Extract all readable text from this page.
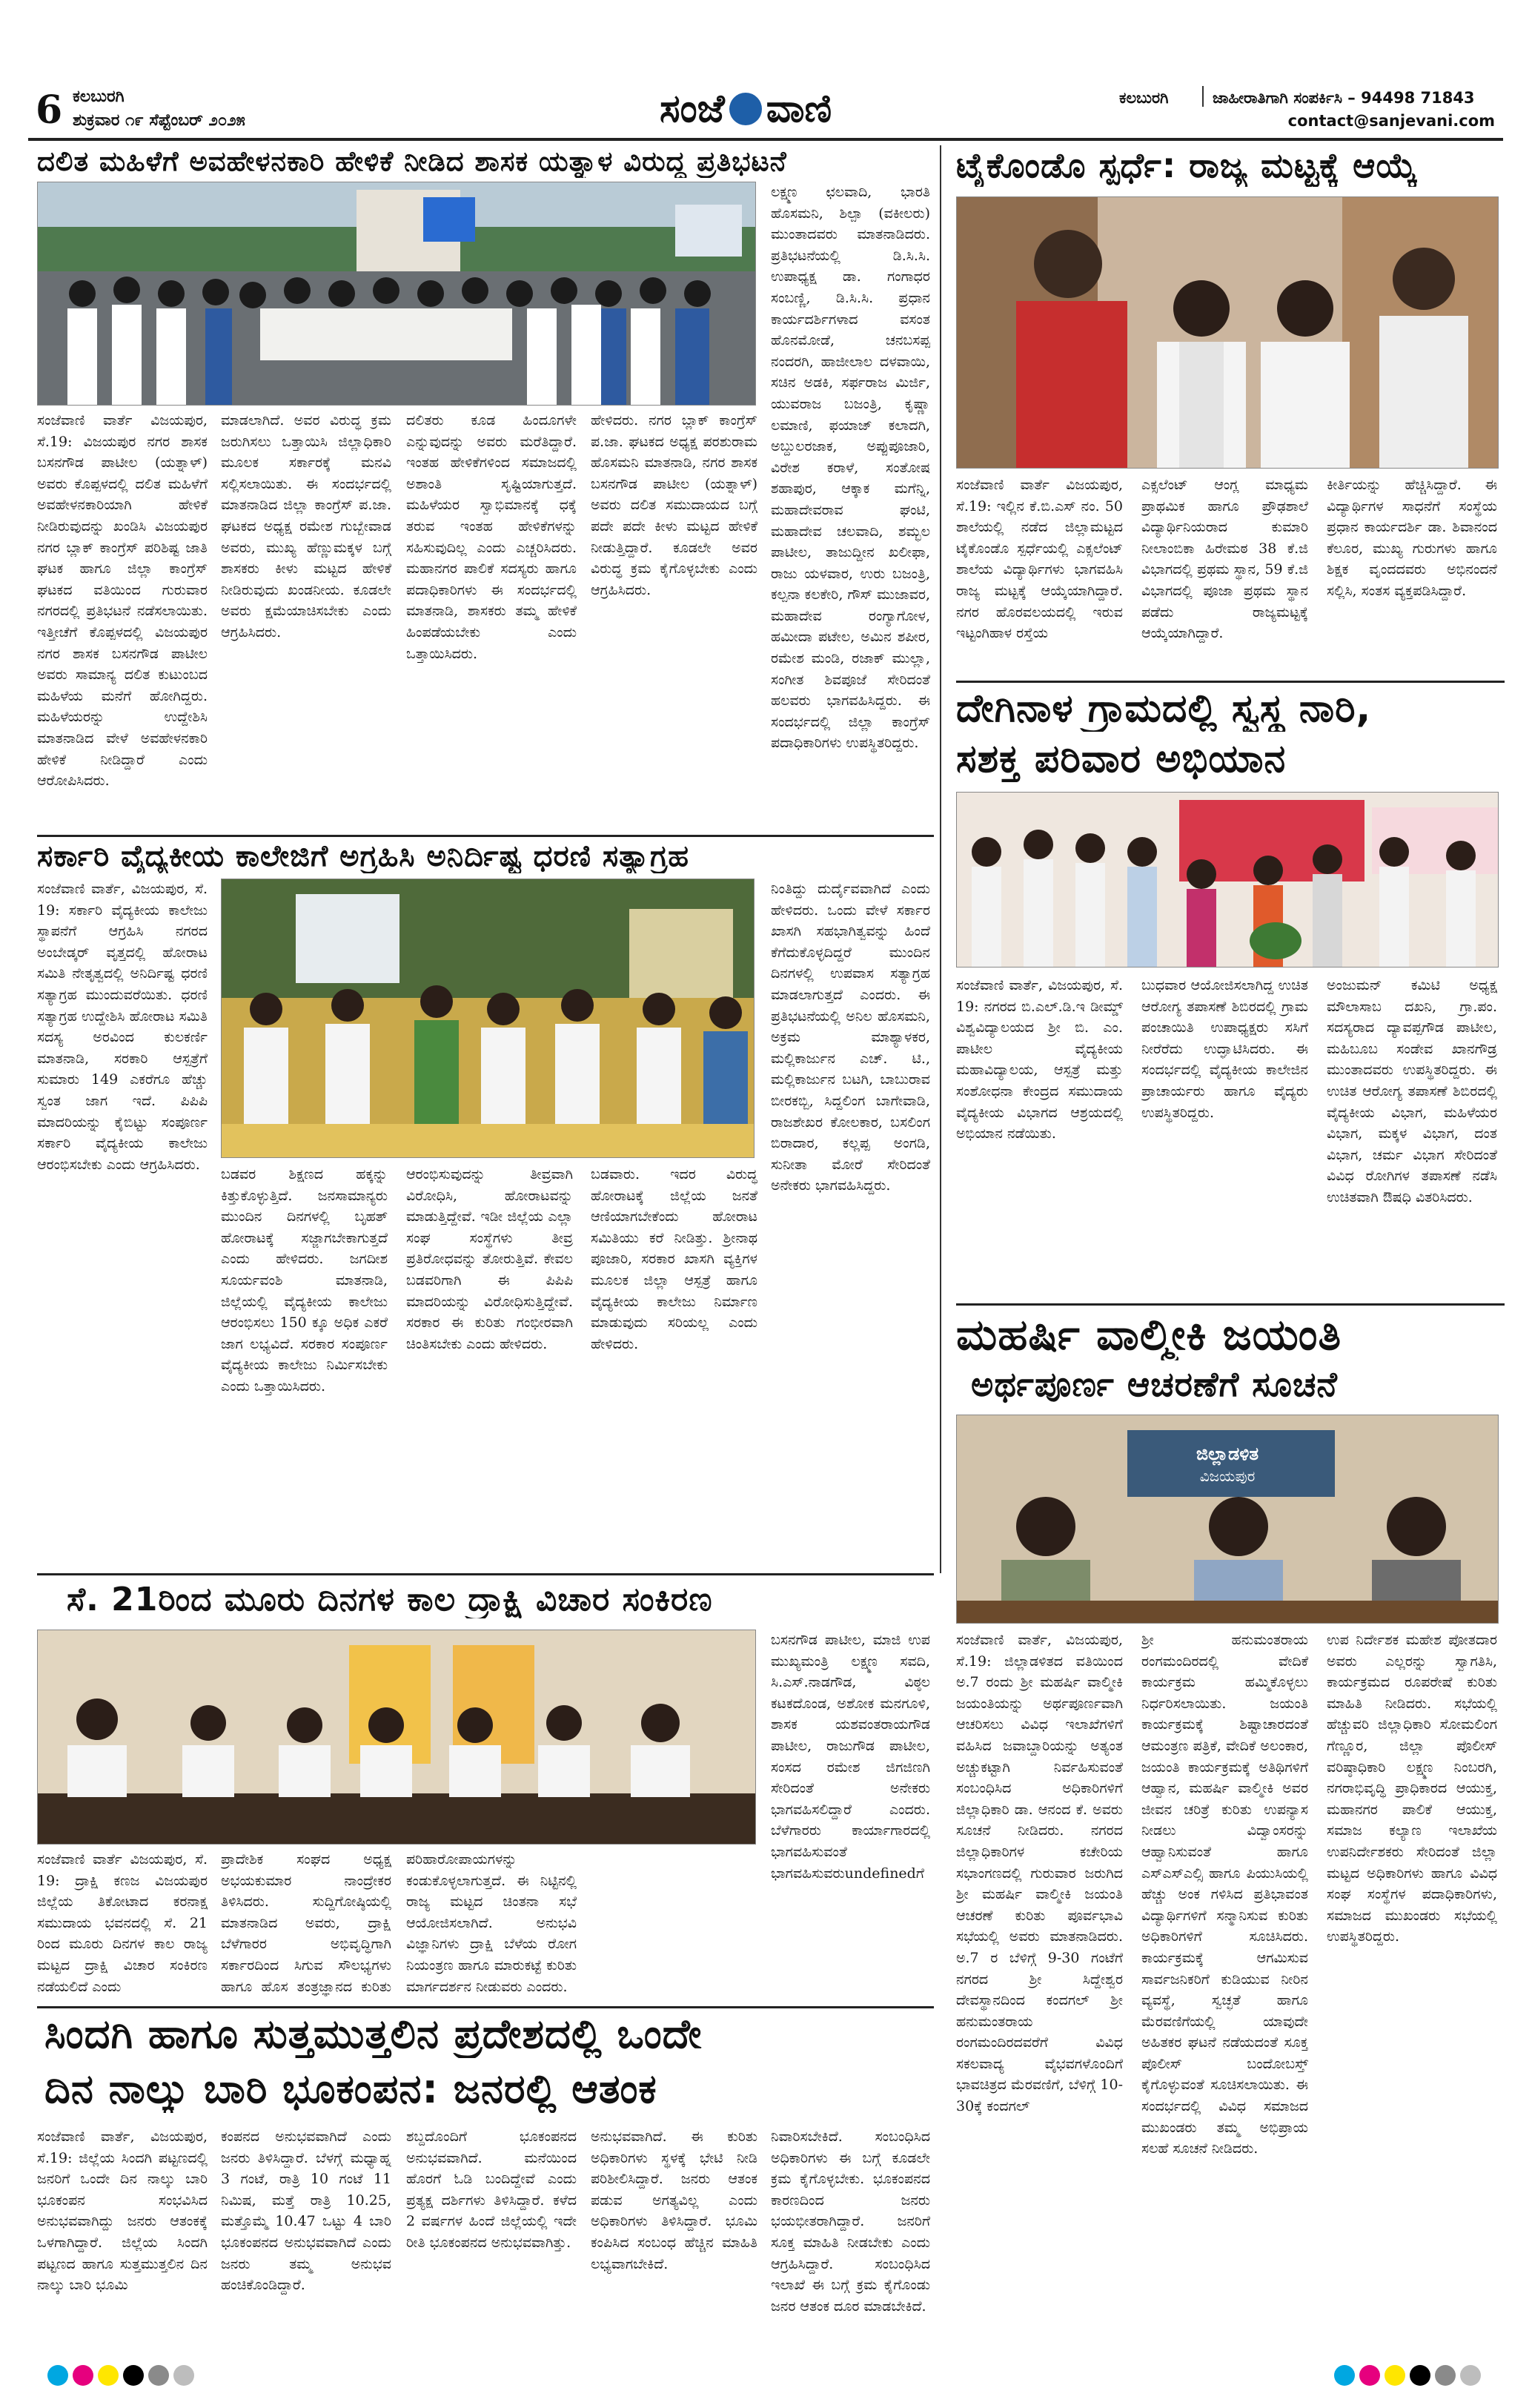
6 ಕಲಬುರಗಿ
ಶುಕ್ರವಾರ ೧೯ ಸೆಪ್ಟೆಂಬರ್ ೨೦೨೫	ಸಂಜೆ ವಾಣಿ	ಕಲಬುರಗಿ	ಜಾಹೀರಾತಿಗಾಗಿ ಸಂಪರ್ಕಿಸಿ – 94498 71843
contact@sanjevani.com
ದಲಿತ ಮಹಿಳೆಗೆ ಅವಹೇಳನಕಾರಿ ಹೇಳಿಕೆ ನೀಡಿದ ಶಾಸಕ ಯತ್ನಾಳ ವಿರುದ್ಧ ಪ್ರತಿಭಟನೆ
ಸಂಜೆವಾಣಿ ವಾರ್ತೆ ವಿಜಯಪುರ, ಸೆ.19: ವಿಜಯಪುರ ನಗರ ಶಾಸಕ ಬಸನಗೌಡ ಪಾಟೀಲ (ಯತ್ನಾಳ್) ಅವರು ಕೊಪ್ಪಳದಲ್ಲಿ ದಲಿತ ಮಹಿಳೆಗೆ ಅವಹೇಳನಕಾರಿಯಾಗಿ ಹೇಳಿಕೆ ನೀಡಿರುವುದನ್ನು ಖಂಡಿಸಿ ವಿಜಯಪುರ ನಗರ ಬ್ಲಾಕ್ ಕಾಂಗ್ರೆಸ್ ಪರಿಶಿಷ್ಟ ಜಾತಿ ಘಟಕ ಹಾಗೂ ಜಿಲ್ಲಾ ಕಾಂಗ್ರೆಸ್ ಘಟಕದ ವತಿಯಿಂದ ಗುರುವಾರ ನಗರದಲ್ಲಿ ಪ್ರತಿಭಟನೆ ನಡೆಸಲಾಯಿತು. ಇತ್ತೀಚೆಗೆ ಕೊಪ್ಪಳದಲ್ಲಿ ವಿಜಯಪುರ ನಗರ ಶಾಸಕ ಬಸನಗೌಡ ಪಾಟೀಲ ಅವರು ಸಾಮಾನ್ಯ ದಲಿತ ಕುಟುಂಬದ ಮಹಿಳೆಯ ಮನೆಗೆ ಹೋಗಿದ್ದರು. ಮಹಿಳೆಯರನ್ನು ಉದ್ದೇಶಿಸಿ ಮಾತನಾಡಿದ ವೇಳೆ ಅವಹೇಳನಕಾರಿ ಹೇಳಿಕೆ ನೀಡಿದ್ದಾರೆ ಎಂದು ಆರೋಪಿಸಿದರು.
ಮಾಡಲಾಗಿದೆ. ಅವರ ವಿರುದ್ಧ ಕ್ರಮ ಜರುಗಿಸಲು ಒತ್ತಾಯಿಸಿ ಜಿಲ್ಲಾಧಿಕಾರಿ ಮೂಲಕ ಸರ್ಕಾರಕ್ಕೆ ಮನವಿ ಸಲ್ಲಿಸಲಾಯಿತು. ಈ ಸಂದರ್ಭದಲ್ಲಿ ಮಾತನಾಡಿದ ಜಿಲ್ಲಾ ಕಾಂಗ್ರೆಸ್ ಪ.ಜಾ. ಘಟಕದ ಅಧ್ಯಕ್ಷ ರಮೇಶ ಗುಬ್ಬೇವಾಡ ಅವರು, ಮುಖ್ಯ ಹೆಣ್ಣುಮಕ್ಕಳ ಬಗ್ಗೆ ಶಾಸಕರು ಕೀಳು ಮಟ್ಟದ ಹೇಳಿಕೆ ನೀಡಿರುವುದು ಖಂಡನೀಯ. ಕೂಡಲೇ ಅವರು ಕ್ಷಮೆಯಾಚಿಸಬೇಕು ಎಂದು ಆಗ್ರಹಿಸಿದರು.
ದಲಿತರು ಕೂಡ ಹಿಂದೂಗಳೇ ಎನ್ನುವುದನ್ನು ಅವರು ಮರೆತಿದ್ದಾರೆ. ಇಂತಹ ಹೇಳಿಕೆಗಳಿಂದ ಸಮಾಜದಲ್ಲಿ ಅಶಾಂತಿ ಸೃಷ್ಟಿಯಾಗುತ್ತದೆ. ಮಹಿಳೆಯರ ಸ್ವಾಭಿಮಾನಕ್ಕೆ ಧಕ್ಕೆ ತರುವ ಇಂತಹ ಹೇಳಿಕೆಗಳನ್ನು ಸಹಿಸುವುದಿಲ್ಲ ಎಂದು ಎಚ್ಚರಿಸಿದರು. ಮಹಾನಗರ ಪಾಲಿಕೆ ಸದಸ್ಯರು ಹಾಗೂ ಪದಾಧಿಕಾರಿಗಳು ಈ ಸಂದರ್ಭದಲ್ಲಿ ಮಾತನಾಡಿ, ಶಾಸಕರು ತಮ್ಮ ಹೇಳಿಕೆ ಹಿಂಪಡೆಯಬೇಕು ಎಂದು ಒತ್ತಾಯಿಸಿದರು.
ಹೇಳಿದರು. ನಗರ ಬ್ಲಾಕ್ ಕಾಂಗ್ರೆಸ್ ಪ.ಜಾ. ಘಟಕದ ಅಧ್ಯಕ್ಷ ಪರಶುರಾಮ ಹೊಸಮನಿ ಮಾತನಾಡಿ, ನಗರ ಶಾಸಕ ಬಸನಗೌಡ ಪಾಟೀಲ (ಯತ್ನಾಳ್) ಅವರು ದಲಿತ ಸಮುದಾಯದ ಬಗ್ಗೆ ಪದೇ ಪದೇ ಕೀಳು ಮಟ್ಟದ ಹೇಳಿಕೆ ನೀಡುತ್ತಿದ್ದಾರೆ. ಕೂಡಲೇ ಅವರ ವಿರುದ್ಧ ಕ್ರಮ ಕೈಗೊಳ್ಳಬೇಕು ಎಂದು ಆಗ್ರಹಿಸಿದರು.
ಲಕ್ಷ್ಮಣ ಛಲವಾದಿ, ಭಾರತಿ ಹೊಸಮನಿ, ಶಿಲ್ಪಾ (ವಕೀಲರು) ಮುಂತಾದವರು ಮಾತನಾಡಿದರು. ಪ್ರತಿಭಟನೆಯಲ್ಲಿ ಡಿ.ಸಿ.ಸಿ. ಉಪಾಧ್ಯಕ್ಷ ಡಾ. ಗಂಗಾಧರ ಸಂಬಣ್ಣಿ, ಡಿ.ಸಿ.ಸಿ. ಪ್ರಧಾನ ಕಾರ್ಯದರ್ಶಿಗಳಾದ ವಸಂತ ಹೊನಮೋಡೆ, ಚನಬಸಪ್ಪ ನಂದರಗಿ, ಹಾಜೀಲಾಲ ದಳವಾಯಿ, ಸಚಿನ ಅಡಕಿ, ಸರ್ಫರಾಜ ಮಿರ್ಜಿ, ಯುವರಾಜ ಬಜಂತ್ರಿ, ಕೃಷ್ಣಾ ಲಮಾಣಿ, ಫಯಾಜ್ ಕಲಾದಗಿ, ಅಬ್ದುಲರಜಾಕ, ಅಪ್ಪುಪೂಜಾರಿ, ವಿರೇಶ ಕರಾಳೆ, ಸಂತೋಷ ಶಹಾಪುರ, ಆಕ್ಕಾಕ ಮಗೆನ್ನಿ, ಮಹಾದೇವರಾವ ಘಂಟಿ, ಮಹಾದೇವ ಚಲವಾದಿ, ಶಮ್ಭಲ ಪಾಟೀಲ, ತಾಜುದ್ದೀನ ಖಲೀಫಾ, ರಾಜು ಯಳವಾರ, ಉರು ಬಜಂತ್ರಿ, ಕಲ್ಪನಾ ಕಲಕೇರಿ, ಗೌಸ್ ಮುಜಾವರ, ಮಹಾದೇವ ರಂಗ್ಯಾಗೋಳ, ಹಮೀದಾ ಪಟೇಲ, ಅಮಿನ ಶಪೀರ, ರಮೇಶ ಮಂಡಿ, ರಜಾಕ್ ಮುಲ್ಲಾ, ಸಂಗೀತ ಶಿವಪೂಜೆ ಸೇರಿದಂತೆ ಹಲವರು ಭಾಗವಹಿಸಿದ್ದರು. ಈ ಸಂದರ್ಭದಲ್ಲಿ ಜಿಲ್ಲಾ ಕಾಂಗ್ರೆಸ್ ಪದಾಧಿಕಾರಿಗಳು ಉಪಸ್ಥಿತರಿದ್ದರು.
ಟೈಕೊಂಡೊ ಸ್ಪರ್ಧೆ: ರಾಜ್ಯ ಮಟ್ಟಕ್ಕೆ ಆಯ್ಕೆ
ಸಂಜೆವಾಣಿ ವಾರ್ತೆ ವಿಜಯಪುರ, ಸೆ.19: ಇಲ್ಲಿನ ಕೆ.ಬಿ.ಎಸ್ ನಂ. 50 ಶಾಲೆಯಲ್ಲಿ ನಡೆದ ಜಿಲ್ಲಾಮಟ್ಟದ ಟೈಕೊಂಡೊ ಸ್ಪರ್ಧೆಯಲ್ಲಿ ಎಕ್ಸಲೆಂಟ್ ಶಾಲೆಯ ವಿದ್ಯಾರ್ಥಿಗಳು ಭಾಗವಹಿಸಿ ರಾಜ್ಯ ಮಟ್ಟಕ್ಕೆ ಆಯ್ಕೆಯಾಗಿದ್ದಾರೆ. ನಗರ ಹೊರವಲಯದಲ್ಲಿ ಇರುವ ಇಟ್ಟಂಗಿಹಾಳ ರಸ್ತೆಯ
ಎಕ್ಸಲೆಂಟ್ ಆಂಗ್ಲ ಮಾಧ್ಯಮ ಪ್ರಾಥಮಿಕ ಹಾಗೂ ಪ್ರೌಢಶಾಲೆ ವಿದ್ಯಾರ್ಥಿನಿಯರಾದ ಕುಮಾರಿ ನೀಲಾಂಬಿಕಾ ಹಿರೇಮಠ 38 ಕೆ.ಜಿ ವಿಭಾಗದಲ್ಲಿ ಪ್ರಥಮ ಸ್ಥಾನ, 59 ಕೆ.ಜಿ ವಿಭಾಗದಲ್ಲಿ ಪೂಜಾ ಪ್ರಥಮ ಸ್ಥಾನ ಪಡೆದು ರಾಜ್ಯಮಟ್ಟಕ್ಕೆ ಆಯ್ಕೆಯಾಗಿದ್ದಾರೆ.
ಕೀರ್ತಿಯನ್ನು ಹೆಚ್ಚಿಸಿದ್ದಾರೆ. ಈ ವಿದ್ಯಾರ್ಥಿಗಳ ಸಾಧನೆಗೆ ಸಂಸ್ಥೆಯ ಪ್ರಧಾನ ಕಾರ್ಯದರ್ಶಿ ಡಾ. ಶಿವಾನಂದ ಕೆಲೂರ, ಮುಖ್ಯ ಗುರುಗಳು ಹಾಗೂ ಶಿಕ್ಷಕ ವೃಂದದವರು ಅಭಿನಂದನೆ ಸಲ್ಲಿಸಿ, ಸಂತಸ ವ್ಯಕ್ತಪಡಿಸಿದ್ದಾರೆ.
ದೇಗಿನಾಳ ಗ್ರಾಮದಲ್ಲಿ ಸ್ವಸ್ಥ ನಾರಿ,
ಸಶಕ್ತ ಪರಿವಾರ ಅಭಿಯಾನ
ಸಂಜೆವಾಣಿ ವಾರ್ತೆ, ವಿಜಯಪುರ, ಸೆ. 19: ನಗರದ ಬಿ.ಎಲ್.ಡಿ.ಇ ಡೀಮ್ಡ್ ವಿಶ್ವವಿದ್ಯಾಲಯದ ಶ್ರೀ ಬಿ. ಎಂ. ಪಾಟೀಲ ವೈದ್ಯಕೀಯ ಮಹಾವಿದ್ಯಾಲಯ, ಆಸ್ಪತ್ರೆ ಮತ್ತು ಸಂಶೋಧನಾ ಕೇಂದ್ರದ ಸಮುದಾಯ ವೈದ್ಯಕೀಯ ವಿಭಾಗದ ಆಶ್ರಯದಲ್ಲಿ ಅಭಿಯಾನ ನಡೆಯಿತು.
ಬುಧವಾರ ಆಯೋಜಿಸಲಾಗಿದ್ದ ಉಚಿತ ಆರೋಗ್ಯ ತಪಾಸಣೆ ಶಿಬಿರದಲ್ಲಿ ಗ್ರಾಮ ಪಂಚಾಯಿತಿ ಉಪಾಧ್ಯಕ್ಷರು ಸಸಿಗೆ ನೀರೆರೆದು ಉದ್ಘಾಟಿಸಿದರು. ಈ ಸಂದರ್ಭದಲ್ಲಿ ವೈದ್ಯಕೀಯ ಕಾಲೇಜಿನ ಪ್ರಾಚಾರ್ಯರು ಹಾಗೂ ವೈದ್ಯರು ಉಪಸ್ಥಿತರಿದ್ದರು.
ಅಂಜುಮನ್ ಕಮಿಟಿ ಅಧ್ಯಕ್ಷ ಮೌಲಾಸಾಬ ದಖನಿ, ಗ್ರಾ.ಪಂ. ಸದಸ್ಯರಾದ ದ್ಯಾವಪ್ಪಗೌಡ ಪಾಟೀಲ, ಮಹಿಬೂಬ ಸಂಡೇವ ಖಾನಗೌಡ್ರ ಮುಂತಾದವರು ಉಪಸ್ಥಿತರಿದ್ದರು. ಈ ಉಚಿತ ಆರೋಗ್ಯ ತಪಾಸಣೆ ಶಿಬಿರದಲ್ಲಿ ವೈದ್ಯಕೀಯ ವಿಭಾಗ, ಮಹಿಳೆಯರ ವಿಭಾಗ, ಮಕ್ಕಳ ವಿಭಾಗ, ದಂತ ವಿಭಾಗ, ಚರ್ಮ ವಿಭಾಗ ಸೇರಿದಂತೆ ವಿವಿಧ ರೋಗಿಗಳ ತಪಾಸಣೆ ನಡೆಸಿ ಉಚಿತವಾಗಿ ಔಷಧಿ ವಿತರಿಸಿದರು.
ಸರ್ಕಾರಿ ವೈದ್ಯಕೀಯ ಕಾಲೇಜಿಗೆ ಅಗ್ರಹಿಸಿ ಅನಿರ್ದಿಷ್ಟ ಧರಣಿ ಸತ್ಯಾಗ್ರಹ
ಸಂಜೆವಾಣಿ ವಾರ್ತೆ, ವಿಜಯಪುರ, ಸೆ. 19: ಸರ್ಕಾರಿ ವೈದ್ಯಕೀಯ ಕಾಲೇಜು ಸ್ಥಾಪನೆಗೆ ಆಗ್ರಹಿಸಿ ನಗರದ ಅಂಬೇಡ್ಕರ್ ವೃತ್ತದಲ್ಲಿ ಹೋರಾಟ ಸಮಿತಿ ನೇತೃತ್ವದಲ್ಲಿ ಅನಿರ್ದಿಷ್ಟ ಧರಣಿ ಸತ್ಯಾಗ್ರಹ ಮುಂದುವರೆಯಿತು. ಧರಣಿ ಸತ್ಯಾಗ್ರಹ ಉದ್ದೇಶಿಸಿ ಹೋರಾಟ ಸಮಿತಿ ಸದಸ್ಯ ಅರವಿಂದ ಕುಲಕರ್ಣಿ ಮಾತನಾಡಿ, ಸರಕಾರಿ ಆಸ್ಪತ್ರೆಗೆ ಸುಮಾರು 149 ಎಕರೆಗೂ ಹೆಚ್ಚು ಸ್ವಂತ ಜಾಗ ಇದೆ. ಪಿಪಿಪಿ ಮಾದರಿಯನ್ನು ಕೈಬಿಟ್ಟು ಸಂಪೂರ್ಣ ಸರ್ಕಾರಿ ವೈದ್ಯಕೀಯ ಕಾಲೇಜು ಆರಂಭಿಸಬೇಕು ಎಂದು ಆಗ್ರಹಿಸಿದರು.
ಬಡವರ ಶಿಕ್ಷಣದ ಹಕ್ಕನ್ನು ಕಿತ್ತುಕೊಳ್ಳುತ್ತಿದೆ. ಜನಸಾಮಾನ್ಯರು ಮುಂದಿನ ದಿನಗಳಲ್ಲಿ ಬೃಹತ್ ಹೋರಾಟಕ್ಕೆ ಸಜ್ಜಾಗಬೇಕಾಗುತ್ತದೆ ಎಂದು ಹೇಳಿದರು. ಜಗದೀಶ ಸೂರ್ಯವಂಶಿ ಮಾತನಾಡಿ, ಜಿಲ್ಲೆಯಲ್ಲಿ ವೈದ್ಯಕೀಯ ಕಾಲೇಜು ಆರಂಭಿಸಲು 150 ಕ್ಕೂ ಅಧಿಕ ಎಕರೆ ಜಾಗ ಲಭ್ಯವಿದೆ. ಸರಕಾರ ಸಂಪೂರ್ಣ ವೈದ್ಯಕೀಯ ಕಾಲೇಜು ನಿರ್ಮಿಸಬೇಕು ಎಂದು ಒತ್ತಾಯಿಸಿದರು.
ಆರಂಭಿಸುವುದನ್ನು ತೀವ್ರವಾಗಿ ವಿರೋಧಿಸಿ, ಹೋರಾಟವನ್ನು ಮಾಡುತ್ತಿದ್ದೇವೆ. ಇಡೀ ಜಿಲ್ಲೆಯ ಎಲ್ಲಾ ಸಂಘ ಸಂಸ್ಥೆಗಳು ತೀವ್ರ ಪ್ರತಿರೋಧವನ್ನು ತೋರುತ್ತಿವೆ. ಕೇವಲ ಬಡವರಿಗಾಗಿ ಈ ಪಿಪಿಪಿ ಮಾದರಿಯನ್ನು ವಿರೋಧಿಸುತ್ತಿದ್ದೇವೆ. ಸರಕಾರ ಈ ಕುರಿತು ಗಂಭೀರವಾಗಿ ಚಿಂತಿಸಬೇಕು ಎಂದು ಹೇಳಿದರು.
ಬಡವಾರು. ಇದರ ವಿರುದ್ಧ ಹೋರಾಟಕ್ಕೆ ಜಿಲ್ಲೆಯ ಜನತೆ ಆಣಿಯಾಗಬೇಕೆಂದು ಹೋರಾಟ ಸಮಿತಿಯು ಕರೆ ನೀಡಿತ್ತು. ಶ್ರೀನಾಥ ಪೂಜಾರಿ, ಸರಕಾರ ಖಾಸಗಿ ವ್ಯಕ್ತಿಗಳ ಮೂಲಕ ಜಿಲ್ಲಾ ಆಸ್ಪತ್ರೆ ಹಾಗೂ ವೈದ್ಯಕೀಯ ಕಾಲೇಜು ನಿರ್ಮಾಣ ಮಾಡುವುದು ಸರಿಯಲ್ಲ ಎಂದು ಹೇಳಿದರು.
ನಿಂತಿದ್ದು ದುರ್ದೈವವಾಗಿದೆ ಎಂದು ಹೇಳಿದರು. ಒಂದು ವೇಳೆ ಸರ್ಕಾರ ಖಾಸಗಿ ಸಹಭಾಗಿತ್ವವನ್ನು ಹಿಂದೆ ಕೆಗೆದುಕೊಳ್ಳದಿದ್ದರೆ ಮುಂದಿನ ದಿನಗಳಲ್ಲಿ ಉಪವಾಸ ಸತ್ಯಾಗ್ರಹ ಮಾಡಲಾಗುತ್ತದೆ ಎಂದರು. ಈ ಪ್ರತಿಭಟನೆಯಲ್ಲಿ ಅನಿಲ ಹೊಸಮನಿ, ಅಕ್ರಮ ಮಾಶ್ಯಾಳಕರ, ಮಲ್ಲಿಕಾರ್ಜುನ ಎಚ್. ಟಿ., ಮಲ್ಲಿಕಾರ್ಜುನ ಬಟಗಿ, ಬಾಬುರಾವ ಬೀರಕಬ್ಬಿ, ಸಿದ್ದಲಿಂಗ ಬಾಗೇವಾಡಿ, ರಾಜಶೇಖರ ಕೋಲಕಾರ, ಬಸಲಿಂಗ ಬಿರಾದಾರ, ಕಲ್ಲಪ್ಪ ಅಂಗಡಿ, ಸುನೀತಾ ಮೋರೆ ಸೇರಿದಂತೆ ಅನೇಕರು ಭಾಗವಹಿಸಿದ್ದರು.
ಮಹರ್ಷಿ ವಾಲ್ಮೀಕಿ ಜಯಂತಿ
ಅರ್ಥಪೂರ್ಣ ಆಚರಣೆಗೆ ಸೂಚನೆ
ಜಿಲ್ಲಾಡಳಿತ
ವಿಜಯಪುರ
ಸಂಜೆವಾಣಿ ವಾರ್ತೆ, ವಿಜಯಪುರ, ಸೆ.19: ಜಿಲ್ಲಾಡಳಿತದ ವತಿಯಿಂದ ಅ.7 ರಂದು ಶ್ರೀ ಮಹರ್ಷಿ ವಾಲ್ಮೀಕಿ ಜಯಂತಿಯನ್ನು ಅರ್ಥಪೂರ್ಣವಾಗಿ ಆಚರಿಸಲು ವಿವಿಧ ಇಲಾಖೆಗಳಿಗೆ ವಹಿಸಿದ ಜವಾಬ್ದಾರಿಯನ್ನು ಅತ್ಯಂತ ಅಚ್ಚುಕಟ್ಟಾಗಿ ನಿರ್ವಹಿಸುವಂತೆ ಸಂಬಂಧಿಸಿದ ಅಧಿಕಾರಿಗಳಿಗೆ ಜಿಲ್ಲಾಧಿಕಾರಿ ಡಾ. ಆನಂದ ಕೆ. ಅವರು ಸೂಚನೆ ನೀಡಿದರು. ನಗರದ ಜಿಲ್ಲಾಧಿಕಾರಿಗಳ ಕಚೇರಿಯ ಸಭಾಂಗಣದಲ್ಲಿ ಗುರುವಾರ ಜರುಗಿದ ಶ್ರೀ ಮಹರ್ಷಿ ವಾಲ್ಮೀಕಿ ಜಯಂತಿ ಆಚರಣೆ ಕುರಿತು ಪೂರ್ವಭಾವಿ ಸಭೆಯಲ್ಲಿ ಅವರು ಮಾತನಾಡಿದರು. ಅ.7 ರ ಬೆಳಿಗ್ಗೆ 9-30 ಗಂಟೆಗೆ ನಗರದ ಶ್ರೀ ಸಿದ್ದೇಶ್ವರ ದೇವಸ್ಥಾನದಿಂದ ಕಂದಗಲ್ ಶ್ರೀ ಹನುಮಂತರಾಯ ರಂಗಮಂದಿರದವರೆಗೆ ವಿವಿಧ ಸಕಲವಾದ್ಯ ವೈಭವಗಳೊಂದಿಗೆ ಭಾವಚಿತ್ರದ ಮೆರವಣಿಗೆ, ಬೆಳಿಗ್ಗೆ 10-30ಕ್ಕೆ ಕಂದಗಲ್
ಶ್ರೀ ಹನುಮಂತರಾಯ ರಂಗಮಂದಿರದಲ್ಲಿ ವೇದಿಕೆ ಕಾರ್ಯಕ್ರಮ ಹಮ್ಮಿಕೊಳ್ಳಲು ನಿರ್ಧರಿಸಲಾಯಿತು. ಜಯಂತಿ ಕಾರ್ಯಕ್ರಮಕ್ಕೆ ಶಿಷ್ಟಾಚಾರದಂತೆ ಆಮಂತ್ರಣ ಪತ್ರಿಕೆ, ವೇದಿಕೆ ಅಲಂಕಾರ, ಜಯಂತಿ ಕಾರ್ಯಕ್ರಮಕ್ಕೆ ಅತಿಥಿಗಳಿಗೆ ಆಹ್ವಾನ, ಮಹರ್ಷಿ ವಾಲ್ಮೀಕಿ ಅವರ ಜೀವನ ಚರಿತ್ರೆ ಕುರಿತು ಉಪನ್ಯಾಸ ನೀಡಲು ವಿದ್ವಾಂಸರನ್ನು ಆಹ್ವಾನಿಸುವಂತೆ ಹಾಗೂ ಎಸ್ಎಸ್ಎಲ್ಸಿ ಹಾಗೂ ಪಿಯುಸಿಯಲ್ಲಿ ಹೆಚ್ಚು ಅಂಕ ಗಳಿಸಿದ ಪ್ರತಿಭಾವಂತ ವಿದ್ಯಾರ್ಥಿಗಳಿಗೆ ಸನ್ಮಾನಿಸುವ ಕುರಿತು ಅಧಿಕಾರಿಗಳಿಗೆ ಸೂಚಿಸಿದರು. ಕಾರ್ಯಕ್ರಮಕ್ಕೆ ಆಗಮಿಸುವ ಸಾರ್ವಜನಿಕರಿಗೆ ಕುಡಿಯುವ ನೀರಿನ ವ್ಯವಸ್ಥೆ, ಸ್ವಚ್ಛತೆ ಹಾಗೂ ಮೆರವಣಿಗೆಯಲ್ಲಿ ಯಾವುದೇ ಅಹಿತಕರ ಘಟನೆ ನಡೆಯದಂತೆ ಸೂಕ್ತ ಪೊಲೀಸ್ ಬಂದೋಬಸ್ತ್ ಕೈಗೊಳ್ಳುವಂತೆ ಸೂಚಿಸಲಾಯಿತು. ಈ ಸಂದರ್ಭದಲ್ಲಿ ವಿವಿಧ ಸಮಾಜದ ಮುಖಂಡರು ತಮ್ಮ ಅಭಿಪ್ರಾಯ ಸಲಹೆ ಸೂಚನೆ ನೀಡಿದರು.
ಉಪ ನಿರ್ದೇಶಕ ಮಹೇಶ ಪೋತದಾರ ಅವರು ಎಲ್ಲರನ್ನು ಸ್ವಾಗತಿಸಿ, ಕಾರ್ಯಕ್ರಮದ ರೂಪರೇಷೆ ಕುರಿತು ಮಾಹಿತಿ ನೀಡಿದರು. ಸಭೆಯಲ್ಲಿ ಹೆಚ್ಚುವರಿ ಜಿಲ್ಲಾಧಿಕಾರಿ ಸೋಮಲಿಂಗ ಗೆಣ್ಣೂರ, ಜಿಲ್ಲಾ ಪೊಲೀಸ್ ವರಿಷ್ಠಾಧಿಕಾರಿ ಲಕ್ಷ್ಮಣ ನಿಂಬರಗಿ, ನಗರಾಭಿವೃದ್ಧಿ ಪ್ರಾಧಿಕಾರದ ಆಯುಕ್ತ, ಮಹಾನಗರ ಪಾಲಿಕೆ ಆಯುಕ್ತ, ಸಮಾಜ ಕಲ್ಯಾಣ ಇಲಾಖೆಯ ಉಪನಿರ್ದೇಶಕರು ಸೇರಿದಂತೆ ಜಿಲ್ಲಾ ಮಟ್ಟದ ಅಧಿಕಾರಿಗಳು ಹಾಗೂ ವಿವಿಧ ಸಂಘ ಸಂಸ್ಥೆಗಳ ಪದಾಧಿಕಾರಿಗಳು, ಸಮಾಜದ ಮುಖಂಡರು ಸಭೆಯಲ್ಲಿ ಉಪಸ್ಥಿತರಿದ್ದರು.
ಸೆ. 21ರಿಂದ ಮೂರು ದಿನಗಳ ಕಾಲ ದ್ರಾಕ್ಷಿ ವಿಚಾರ ಸಂಕಿರಣ
ಸಂಜೆವಾಣಿ ವಾರ್ತೆ ವಿಜಯಪುರ, ಸೆ. 19: ದ್ರಾಕ್ಷಿ ಕಣಜ ವಿಜಯಪುರ ಜಿಲ್ಲೆಯ ತಿಕೋಟಾದ ಕರನಾಕ್ಷ ಸಮುದಾಯ ಭವನದಲ್ಲಿ ಸೆ. 21 ರಿಂದ ಮೂರು ದಿನಗಳ ಕಾಲ ರಾಜ್ಯ ಮಟ್ಟದ ದ್ರಾಕ್ಷಿ ವಿಚಾರ ಸಂಕಿರಣ ನಡೆಯಲಿದೆ ಎಂದು
ಪ್ರಾದೇಶಿಕ ಸಂಘದ ಅಧ್ಯಕ್ಷ ಅಭಯಕುಮಾರ ನಾಂದ್ರೇಕರ ತಿಳಿಸಿದರು. ಸುದ್ದಿಗೋಷ್ಠಿಯಲ್ಲಿ ಮಾತನಾಡಿದ ಅವರು, ದ್ರಾಕ್ಷಿ ಬೆಳೆಗಾರರ ಅಭಿವೃದ್ಧಿಗಾಗಿ ಸರ್ಕಾರದಿಂದ ಸಿಗುವ ಸೌಲಭ್ಯಗಳು ಹಾಗೂ ಹೊಸ ತಂತ್ರಜ್ಞಾನದ ಕುರಿತು
ಪರಿಹಾರೋಪಾಯಗಳನ್ನು ಕಂಡುಕೊಳ್ಳಲಾಗುತ್ತದೆ. ಈ ನಿಟ್ಟಿನಲ್ಲಿ ರಾಜ್ಯ ಮಟ್ಟದ ಚಿಂತನಾ ಸಭೆ ಆಯೋಜಿಸಲಾಗಿದೆ. ಅನುಭವಿ ವಿಜ್ಞಾನಿಗಳು ದ್ರಾಕ್ಷಿ ಬೆಳೆಯ ರೋಗ ನಿಯಂತ್ರಣ ಹಾಗೂ ಮಾರುಕಟ್ಟೆ ಕುರಿತು ಮಾರ್ಗದರ್ಶನ ನೀಡುವರು ಎಂದರು.
ಬಸನಗೌಡ ಪಾಟೀಲ, ಮಾಜಿ ಉಪ ಮುಖ್ಯಮಂತ್ರಿ ಲಕ್ಷ್ಮಣ ಸವದಿ, ಸಿ.ಎಸ್.ನಾಡಗೌಡ, ವಿಠ್ಠಲ ಕಟಕದೊಂಡ, ಅಶೋಕ ಮನಗೂಳಿ, ಶಾಸಕ ಯಶವಂತರಾಯಗೌಡ ಪಾಟೀಲ, ರಾಜುಗೌಡ ಪಾಟೀಲ, ಸಂಸದ ರಮೇಶ ಜಿಗಜಿಣಗಿ ಸೇರಿದಂತೆ ಅನೇಕರು ಭಾಗವಹಿಸಲಿದ್ದಾರೆ ಎಂದರು. ಬೆಳೆಗಾರರು ಕಾರ್ಯಾಗಾರದಲ್ಲಿ ಭಾಗವಹಿಸುವಂತೆ ಭಾಗವಹಿಸುವರುundefinedಗೆ
ಸಿಂದಗಿ ಹಾಗೂ ಸುತ್ತಮುತ್ತಲಿನ ಪ್ರದೇಶದಲ್ಲಿ ಒಂದೇ
ದಿನ ನಾಲ್ಕು ಬಾರಿ ಭೂಕಂಪನ: ಜನರಲ್ಲಿ ಆತಂಕ
ಸಂಜೆವಾಣಿ ವಾರ್ತೆ, ವಿಜಯಪುರ, ಸೆ.19: ಜಿಲ್ಲೆಯ ಸಿಂದಗಿ ಪಟ್ಟಣದಲ್ಲಿ ಜನರಿಗೆ ಒಂದೇ ದಿನ ನಾಲ್ಕು ಬಾರಿ ಭೂಕಂಪನ ಸಂಭವಿಸಿದ ಅನುಭವವಾಗಿದ್ದು ಜನರು ಆತಂಕಕ್ಕೆ ಒಳಗಾಗಿದ್ದಾರೆ. ಜಿಲ್ಲೆಯ ಸಿಂದಗಿ ಪಟ್ಟಣದ ಹಾಗೂ ಸುತ್ತಮುತ್ತಲಿನ ದಿನ ನಾಲ್ಕು ಬಾರಿ ಭೂಮಿ
ಕಂಪನದ ಅನುಭವವಾಗಿದೆ ಎಂದು ಜನರು ತಿಳಿಸಿದ್ದಾರೆ. ಬೆಳಗ್ಗೆ ಮಧ್ಯಾಹ್ನ 3 ಗಂಟೆ, ರಾತ್ರಿ 10 ಗಂಟೆ 11 ನಿಮಿಷ, ಮತ್ತೆ ರಾತ್ರಿ 10.25, ಮತ್ತೊಮ್ಮೆ 10.47 ಒಟ್ಟು 4 ಬಾರಿ ಭೂಕಂಪನದ ಅನುಭವವಾಗಿದೆ ಎಂದು ಜನರು ತಮ್ಮ ಅನುಭವ ಹಂಚಿಕೊಂಡಿದ್ದಾರೆ.
ಶಬ್ದದೊಂದಿಗೆ ಭೂಕಂಪನದ ಅನುಭವವಾಗಿದೆ. ಮನೆಯಿಂದ ಹೊರಗೆ ಓಡಿ ಬಂದಿದ್ದೇವೆ ಎಂದು ಪ್ರತ್ಯಕ್ಷ ದರ್ಶಿಗಳು ತಿಳಿಸಿದ್ದಾರೆ. ಕಳೆದ 2 ವರ್ಷಗಳ ಹಿಂದೆ ಜಿಲ್ಲೆಯಲ್ಲಿ ಇದೇ ರೀತಿ ಭೂಕಂಪನದ ಅನುಭವವಾಗಿತ್ತು.
ಅನುಭವವಾಗಿದೆ. ಈ ಕುರಿತು ಅಧಿಕಾರಿಗಳು ಸ್ಥಳಕ್ಕೆ ಭೇಟಿ ನೀಡಿ ಪರಿಶೀಲಿಸಿದ್ದಾರೆ. ಜನರು ಆತಂಕ ಪಡುವ ಅಗತ್ಯವಿಲ್ಲ ಎಂದು ಅಧಿಕಾರಿಗಳು ತಿಳಿಸಿದ್ದಾರೆ. ಭೂಮಿ ಕಂಪಿಸಿದ ಸಂಬಂಧ ಹೆಚ್ಚಿನ ಮಾಹಿತಿ ಲಭ್ಯವಾಗಬೇಕಿದೆ.
ನಿವಾರಿಸಬೇಕಿದೆ. ಸಂಬಂಧಿಸಿದ ಅಧಿಕಾರಿಗಳು ಈ ಬಗ್ಗೆ ಕೂಡಲೇ ಕ್ರಮ ಕೈಗೊಳ್ಳಬೇಕು. ಭೂಕಂಪನದ ಕಾರಣದಿಂದ ಜನರು ಭಯಭೀತರಾಗಿದ್ದಾರೆ. ಜನರಿಗೆ ಸೂಕ್ತ ಮಾಹಿತಿ ನೀಡಬೇಕು ಎಂದು ಆಗ್ರಹಿಸಿದ್ದಾರೆ. ಸಂಬಂಧಿಸಿದ ಇಲಾಖೆ ಈ ಬಗ್ಗೆ ಕ್ರಮ ಕೈಗೊಂಡು ಜನರ ಆತಂಕ ದೂರ ಮಾಡಬೇಕಿದೆ.
